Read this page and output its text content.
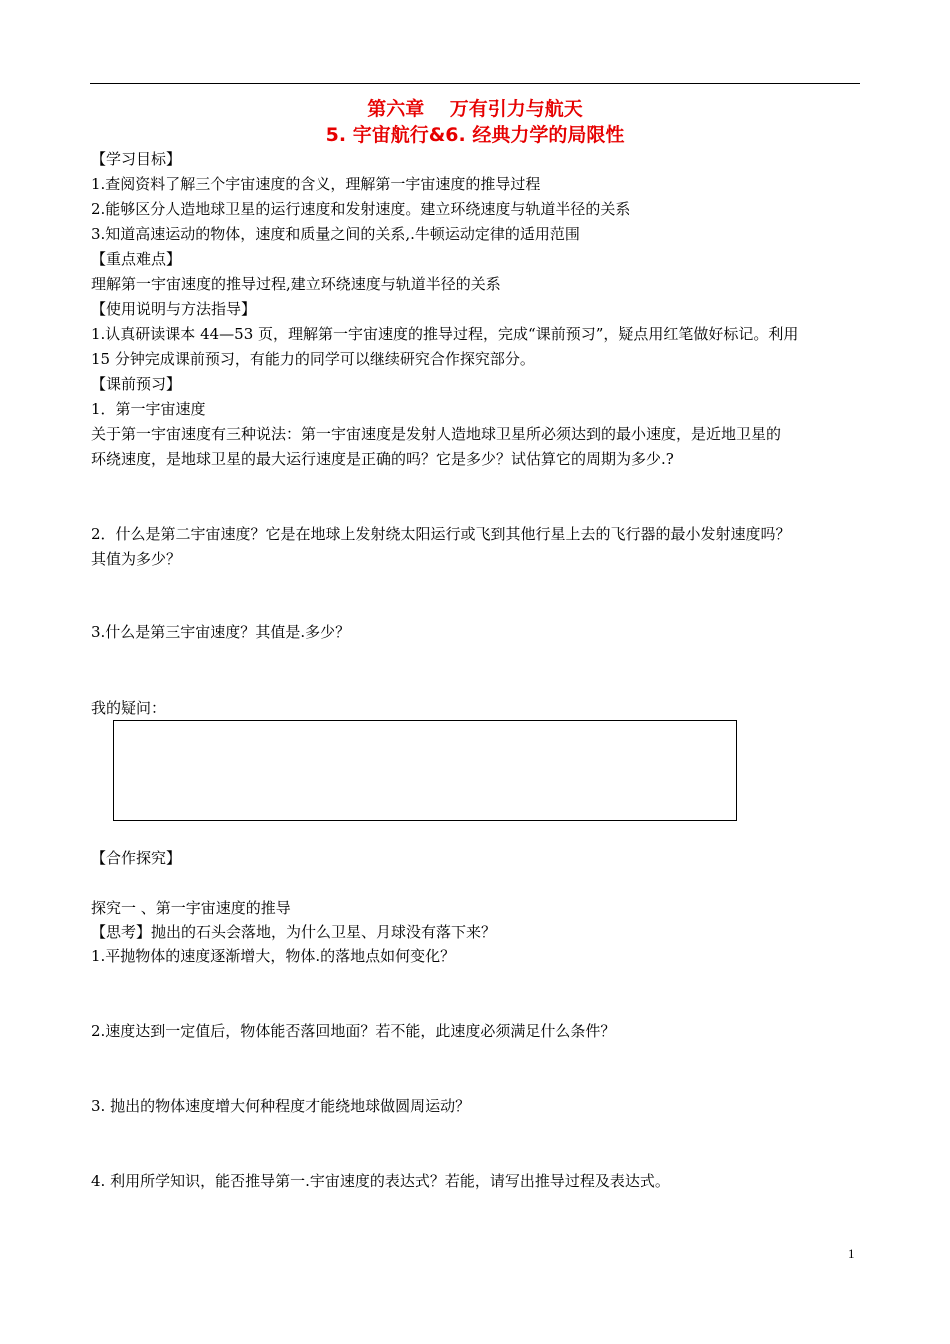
第六章　 万有引力与航天
5. 宇宙航行&6. 经典力学的局限性
【学习目标】
1.查阅资料了解三个宇宙速度的含义，理解第一宇宙速度的推导过程
2.能够区分人造地球卫星的运行速度和发射速度。建立环绕速度与轨道半径的关系
3.知道高速运动的物体，速度和质量之间的关系,.牛顿运动定律的适用范围
【重点难点】
理解第一宇宙速度的推导过程,建立环绕速度与轨道半径的关系
【使用说明与方法指导】
1.认真研读课本 44—53 页，理解第一宇宙速度的推导过程，完成“课前预习”，疑点用红笔做好标记。利用
15 分钟完成课前预习，有能力的同学可以继续研究合作探究部分。
【课前预习】
1．第一宇宙速度
关于第一宇宙速度有三种说法：第一宇宙速度是发射人造地球卫星所必须达到的最小速度，是近地卫星的
环绕速度，是地球卫星的最大运行速度是正确的吗？它是多少？试估算它的周期为多少.?
2．什么是第二宇宙速度？它是在地球上发射绕太阳运行或飞到其他行星上去的飞行器的最小发射速度吗？
其值为多少？
3.什么是第三宇宙速度？其值是.多少？
我的疑问：
【合作探究】
探究一 、第一宇宙速度的推导
【思考】抛出的石头会落地，为什么卫星、月球没有落下来？
1.平抛物体的速度逐渐增大，物体.的落地点如何变化？
2.速度达到一定值后，物体能否落回地面？若不能，此速度必须满足什么条件？
3. 抛出的物体速度增大何种程度才能绕地球做圆周运动？
4. 利用所学知识，能否推导第一.宇宙速度的表达式？若能，请写出推导过程及表达式。
1
